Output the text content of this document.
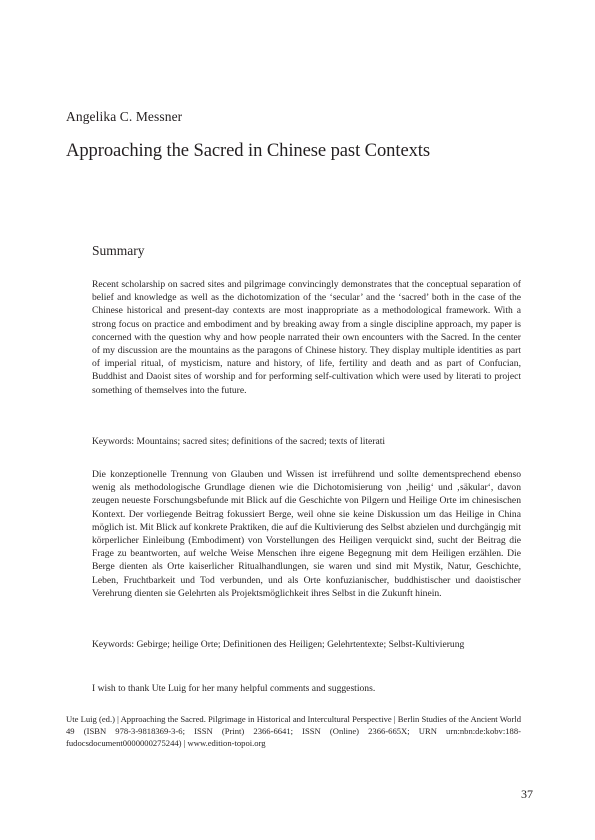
Angelika C. Messner
Approaching the Sacred in Chinese past Contexts
Summary

Recent scholarship on sacred sites and pilgrimage convincingly demonstrates that the conceptual separation of belief and knowledge as well as the dichotomization of the ‘secular’ and the ‘sacred’ both in the case of the Chinese historical and present-day contexts are most inappropriate as a methodological framework. With a strong focus on practice and embodiment and by breaking away from a single discipline approach, my paper is concerned with the question why and how people narrated their own encounters with the Sacred. In the center of my discussion are the mountains as the paragons of Chinese history. They display multiple identities as part of imperial ritual, of mysticism, nature and history, of life, fertility and death and as part of Confucian, Buddhist and Daoist sites of worship and for performing self-cultivation which were used by literati to project something of themselves into the future.

Keywords: Mountains; sacred sites; definitions of the sacred; texts of literati

Die konzeptionelle Trennung von Glauben und Wissen ist irreführend und sollte dementsprechend ebenso wenig als methodologische Grundlage dienen wie die Dichotomisierung von ‚heilig‘ und ‚säkular‘, davon zeugen neueste Forschungsbefunde mit Blick auf die Geschichte von Pilgern und Heilige Orte im chinesischen Kontext. Der vorliegende Beitrag fokussiert Berge, weil ohne sie keine Diskussion um das Heilige in China möglich ist. Mit Blick auf konkrete Praktiken, die auf die Kultivierung des Selbst abzielen und durchgängig mit körperlicher Einleibung (Embodiment) von Vorstellungen des Heiligen verquickt sind, sucht der Beitrag die Frage zu beantworten, auf welche Weise Menschen ihre eigene Begegnung mit dem Heiligen erzählen. Die Berge dienten als Orte kaiserlicher Ritualhandlungen, sie waren und sind mit Mystik, Natur, Geschichte, Leben, Fruchtbarkeit und Tod verbunden, und als Orte konfuzianischer, buddhistischer und daoistischer Verehrung dienten sie Gelehrten als Projektsmöglichkeit ihres Selbst in die Zukunft hinein.

Keywords: Gebirge; heilige Orte; Definitionen des Heiligen; Gelehrtentexte; Selbst-Kultivierung

I wish to thank Ute Luig for her many helpful comments and suggestions.

Ute Luig (ed.) | Approaching the Sacred. Pilgrimage in Historical and Intercultural Perspective | Berlin Studies of the Ancient World 49 (ISBN 978-3-9818369-3-6; ISSN (Print) 2366-6641; ISSN (Online) 2366-665X; URN urn:nbn:de:kobv:188-fudocsdocument0000000275244) | www.edition-topoi.org

37
